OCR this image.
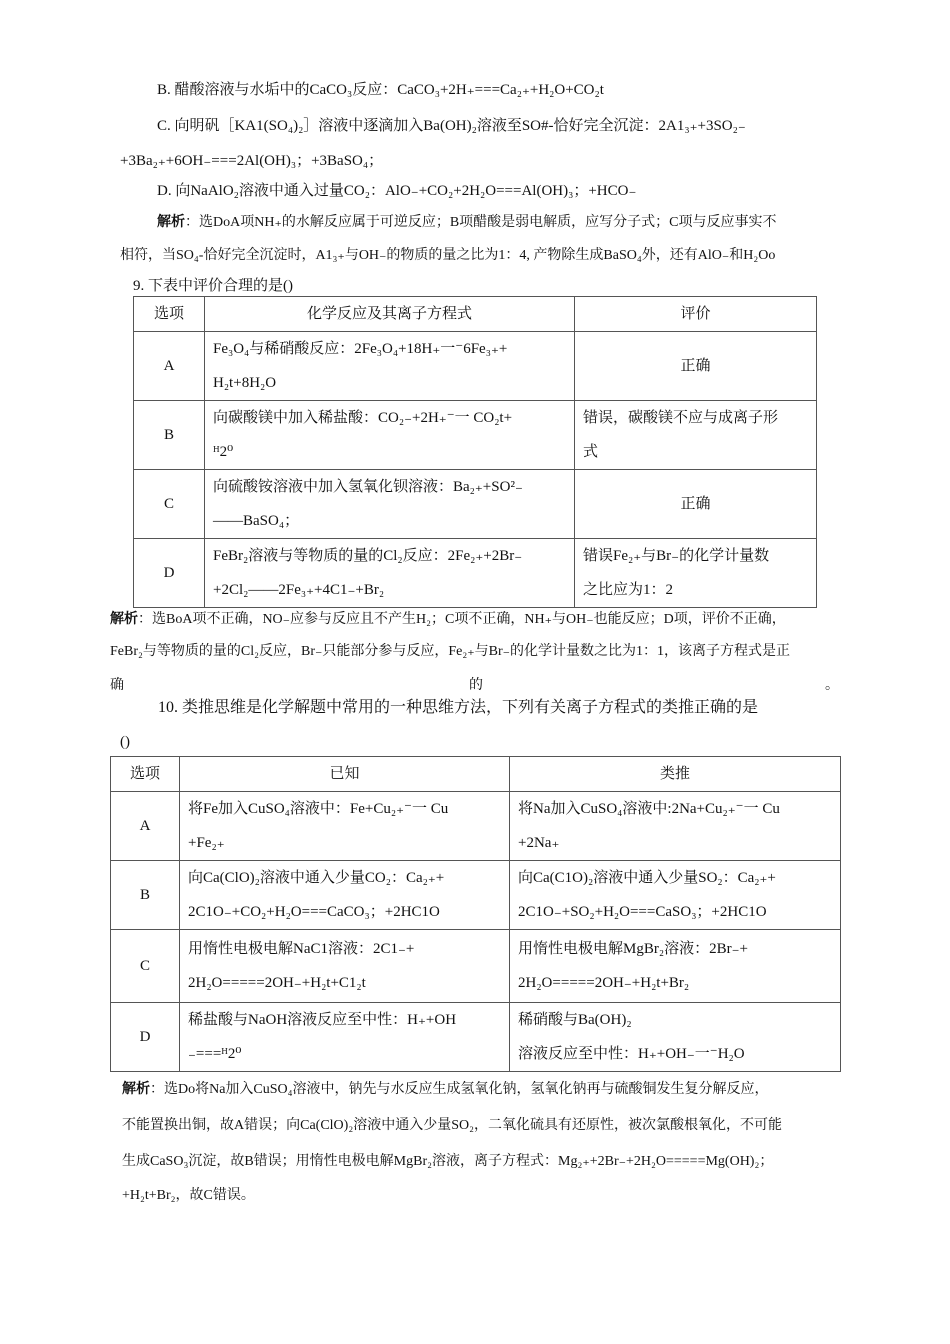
B. 醋酸溶液与水垢中的CaCO₃反应：CaCO₃+2H₊===Ca₂₊+H₂O+CO₂t
C. 向明矾［KA1(SO₄)₂］溶液中逐滴加入Ba(OH)₂溶液至SO#-恰好完全沉淀：2A1₃₊+3SO₂₋
+3Ba₂₊+6OH₋===2Al(OH)₃；+3BaSO₄；
D. 向NaAlO₂溶液中通入过量CO₂：AlO₋+CO₂+2H₂O===Al(OH)₃；+HCO₋
解析：选DoA项NH₊的水解反应属于可逆反应；B项醋酸是弱电解质，应写分子式；C项与反应事实不
相符，当SO₄-恰好完全沉淀时，A1₃₊与OH₋的物质的量之比为1：4, 产物除生成BaSO₄外，还有AlO₋和H₂Oo
9. 下表中评价合理的是()
选项	化学反应及其离子方程式	评价
A	Fe₃O₄与稀硝酸反应：2Fe₃O₄+18H₊一⁻6Fe₃₊+
H₂t+8H₂O	正确
B	向碳酸镁中加入稀盐酸：CO₂₋+2H₊⁻一 CO₂t+
ᴴ2⁰	错误，碳酸镁不应与成离子形
式

C	向硫酸铵溶液中加入氢氧化钡溶液：Ba₂₊+SO²₋
——BaSO₄；	正确
D	FeBr₂溶液与等物质的量的Cl₂反应：2Fe₂₊+2Br₋
+2Cl₂——2Fe₃₊+4C1₋+Br₂	错误Fe₂₊与Br₋的化学计量数
之比应为1：2
解析：选BoA项不正确，NO₋应参与反应且不产生H₂；C项不正确，NH₊与OH₋也能反应；D项，评价不正确，
FeBr₂与等物质的量的Cl₂反应，Br₋只能部分参与反应，Fe₂₊与Br₋的化学计量数之比为1：1，该离子方程式是正
确	的	。
10. 类推思维是化学解题中常用的一种思维方法，下列有关离子方程式的类推正确的是
()
选项	已知	类推
A	将Fe加入CuSO₄溶液中：Fe+Cu₂₊⁻一 Cu
+Fe₂₊	将Na加入CuSO₄溶液中:2Na+Cu₂₊⁻一 Cu
+2Na₊

B	向Ca(ClO)₂溶液中通入少量CO₂：Ca₂₊+
2C1O₋+CO₂+H₂O===CaCO₃；+2HC1O	向Ca(C1O)₂溶液中通入少量SO₂：Ca₂₊+
2C1O₋+SO₂+H₂O===CaSO₃；+2HC1O

C	用惰性电极电解NaC1溶液：2C1₋+
2H₂O=====2OH₋+H₂t+C1₂t	用惰性电极电解MgBr₂溶液：2Br₋+
2H₂O=====2OH₋+H₂t+Br₂

D	稀盐酸与NaOH溶液反应至中性：H₊+OH
₋===ᴴ2⁰	稀硝酸与Ba(OH)₂
溶液反应至中性：H₊+OH₋一⁻H₂O
解析：选Do将Na加入CuSO₄溶液中，钠先与水反应生成氢氧化钠，氢氧化钠再与硫酸铜发生复分解反应，
不能置换出铜，故A错误；向Ca(ClO)₂溶液中通入少量SO₂，二氧化硫具有还原性，被次氯酸根氧化，不可能
生成CaSO₃沉淀，故B错误；用惰性电极电解MgBr₂溶液，离子方程式：Mg₂₊+2Br₋+2H₂O=====Mg(OH)₂；
+H₂t+Br₂，故C错误。
